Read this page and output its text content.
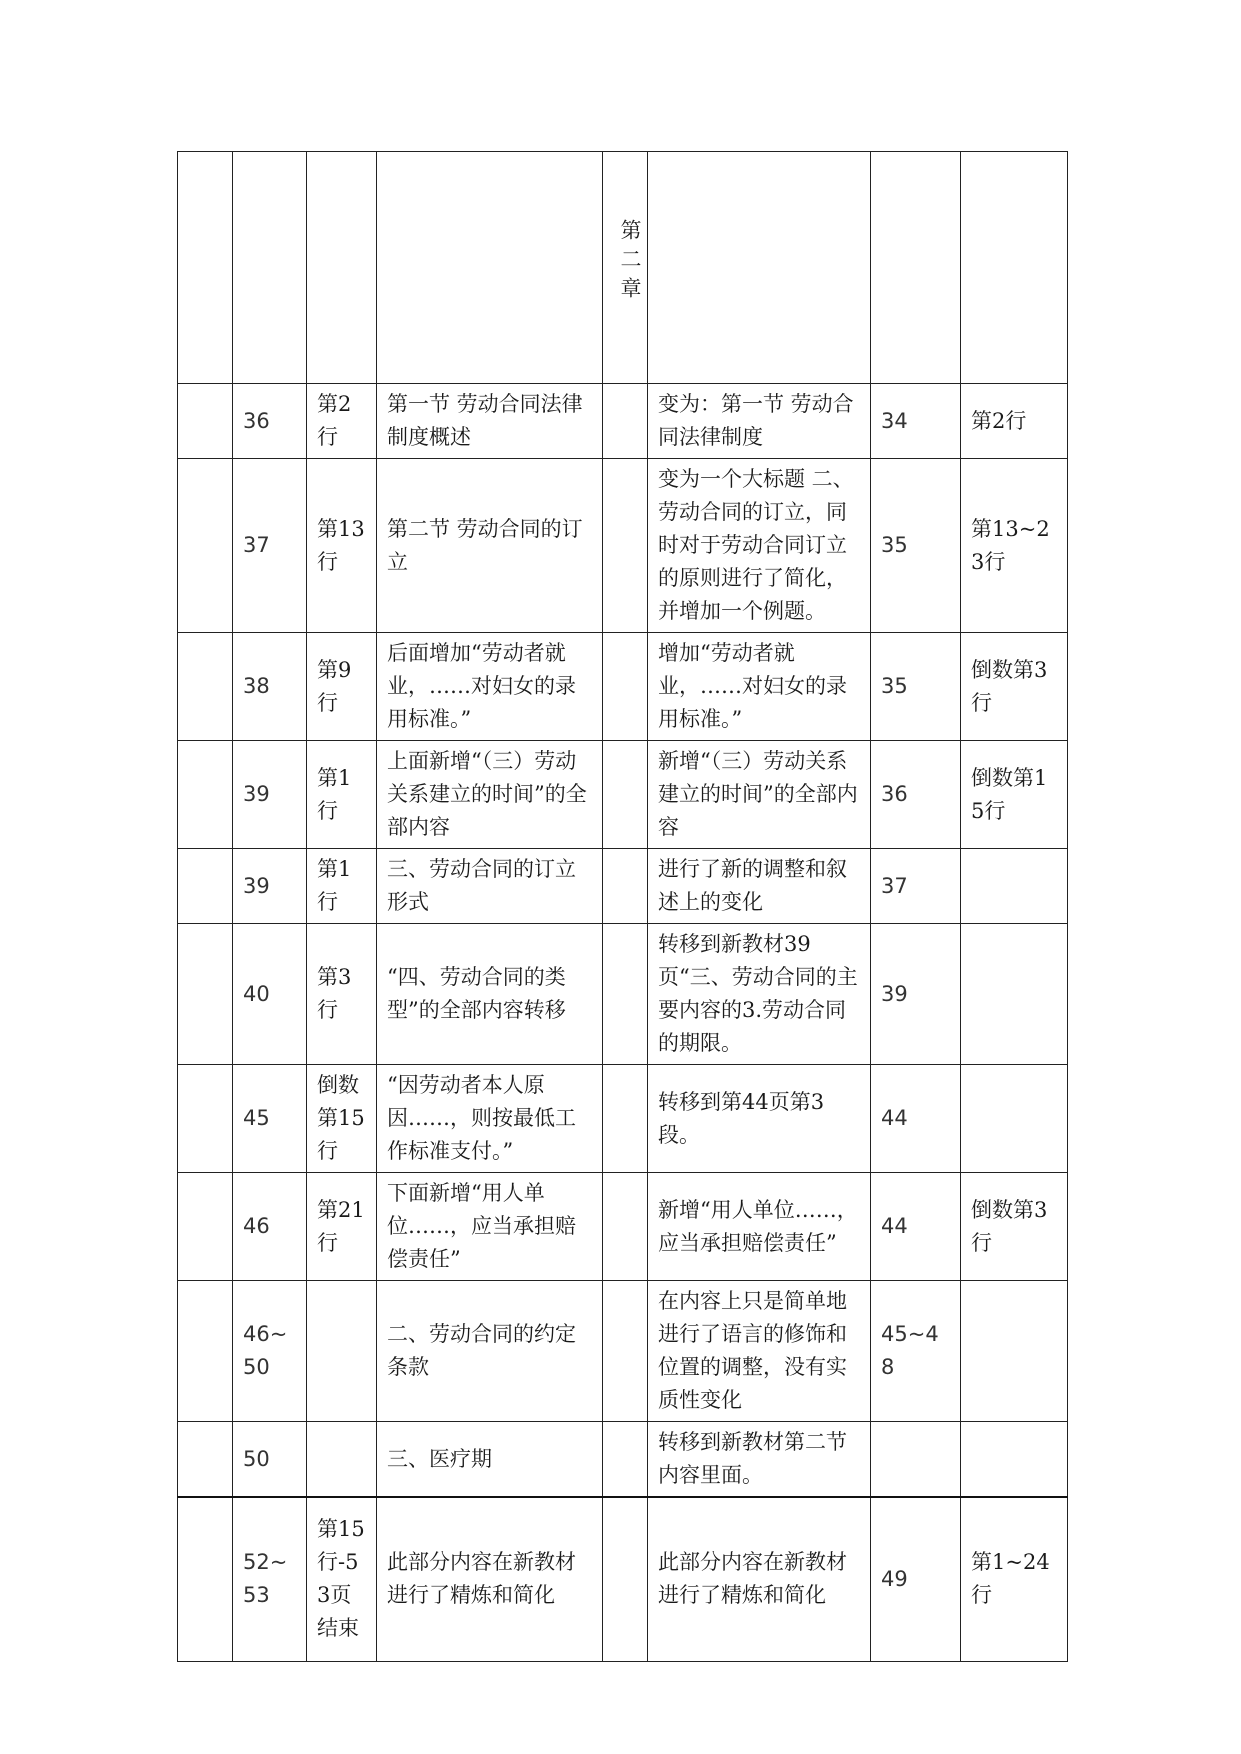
				第二章			
	36	第2行	第一节 劳动合同法律制度概述		变为：第一节 劳动合同法律制度	34	第2行
	37	第13行	第二节 劳动合同的订立		变为一个大标题 二、劳动合同的订立，同时对于劳动合同订立的原则进行了简化，并增加一个例题。	35	第13~23行
	38	第9行	后面增加“劳动者就业，……对妇女的录用标准。”		增加“劳动者就业，……对妇女的录用标准。”	35	倒数第3行
	39	第1行	上面新增“（三）劳动关系建立的时间”的全部内容		新增“（三）劳动关系建立的时间”的全部内容	36	倒数第15行
	39	第1行	三、劳动合同的订立形式		进行了新的调整和叙述上的变化	37	
	40	第3行	“四、劳动合同的类型”的全部内容转移		转移到新教材39页“三、劳动合同的主要内容的3.劳动合同的期限。	39	
	45	倒数第15行	“因劳动者本人原因……，则按最低工作标准支付。”		转移到第44页第3段。	44	
	46	第21行	下面新增“用人单位……，应当承担赔偿责任”		新增“用人单位……，应当承担赔偿责任”	44	倒数第3行
	46~50		二、劳动合同的约定条款		在内容上只是简单地进行了语言的修饰和位置的调整，没有实质性变化	45~48	
	50		三、医疗期		转移到新教材第二节内容里面。		
	52~53	第15行-53页结束	此部分内容在新教材进行了精炼和简化		此部分内容在新教材进行了精炼和简化	49	第1~24行
